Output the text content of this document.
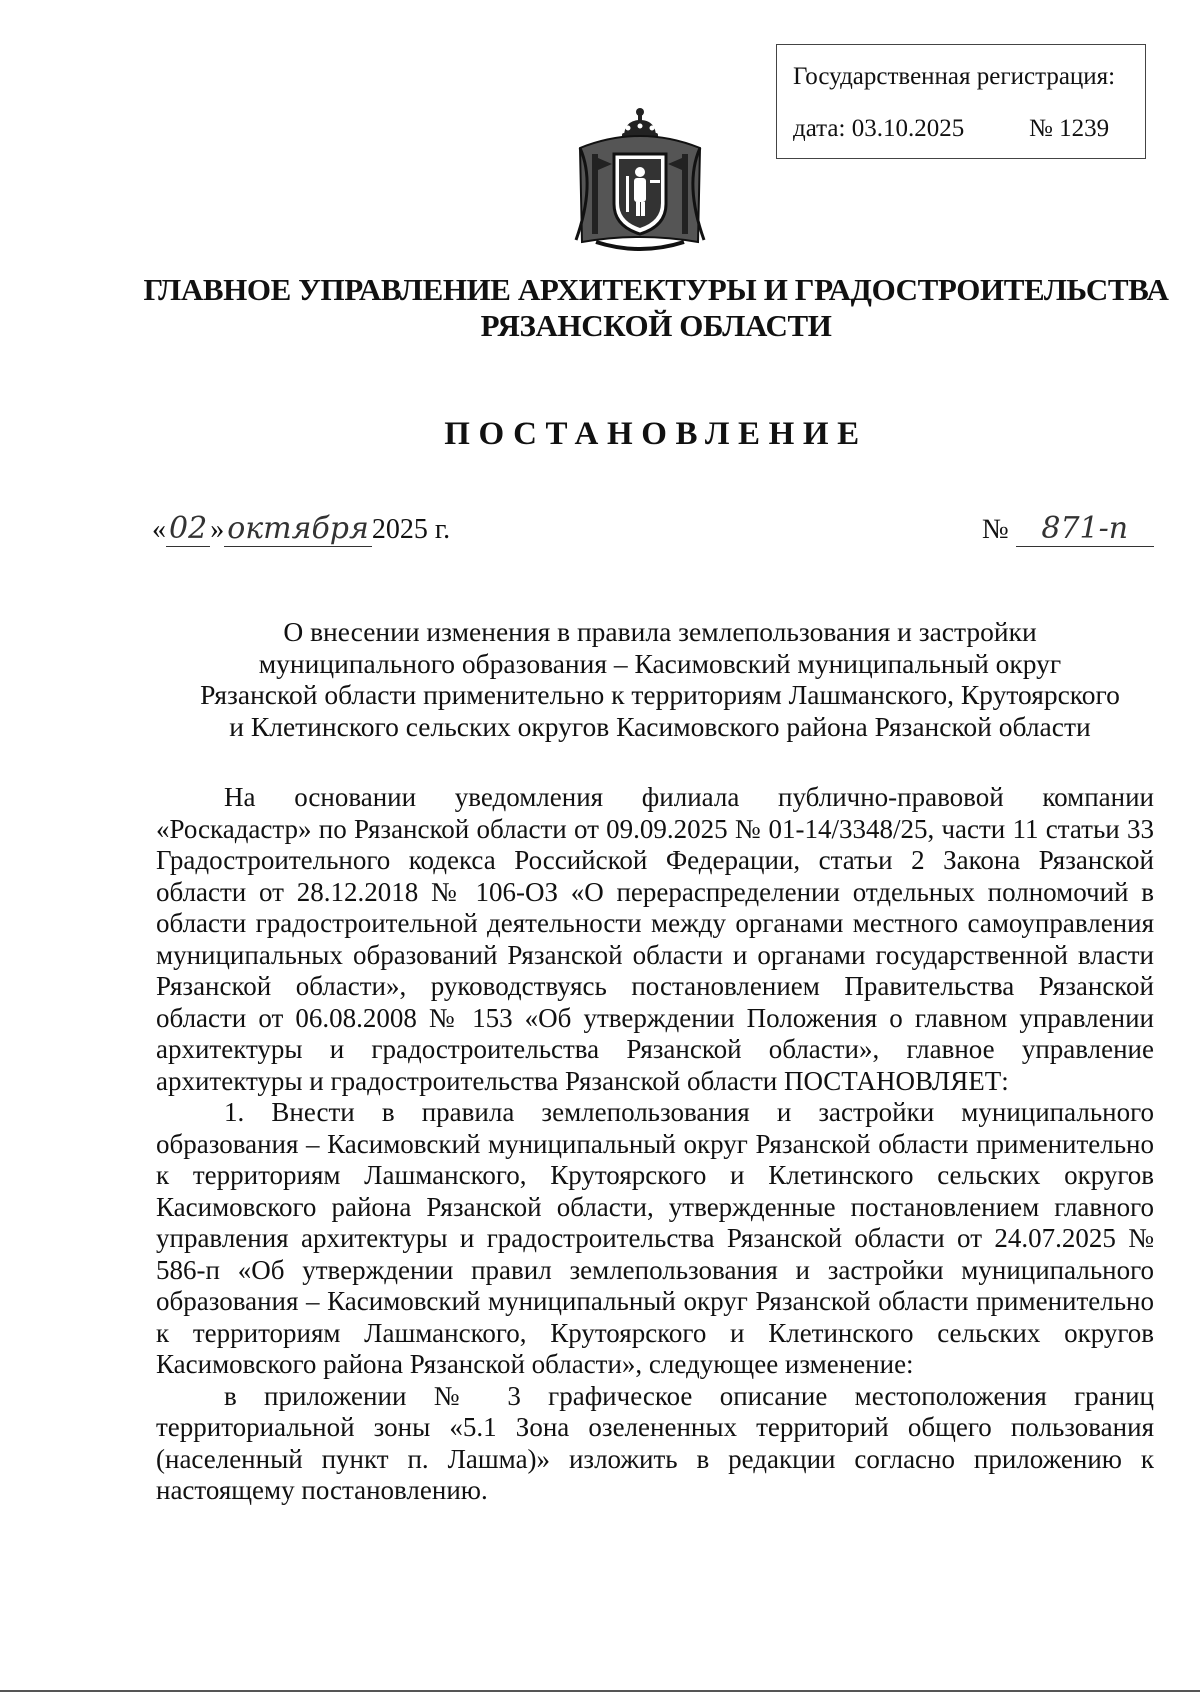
Государственная регистрация:
дата: 03.10.2025	№ 1239
ГЛАВНОЕ УПРАВЛЕНИЕ АРХИТЕКТУРЫ И ГРАДОСТРОИТЕЛЬСТВА
РЯЗАНСКОЙ ОБЛАСТИ
ПОСТАНОВЛЕНИЕ
« 02 » октября 2025 г.	№ 871-п
О внесении изменения в правила землепользования и застройки
муниципального образования – Касимовский муниципальный округ
Рязанской области применительно к территориям Лашманского, Крутоярского
и Клетинского сельских округов Касимовского района Рязанской области

На основании уведомления филиала публично-правовой компании «Роскадастр» по Рязанской области от 09.09.2025 № 01-14/3348/25, части 11 статьи 33 Градостроительного кодекса Российской Федерации, статьи 2 Закона Рязанской области от 28.12.2018 № 106-ОЗ «О перераспределении отдельных полномочий в области градостроительной деятельности между органами местного самоуправления муниципальных образований Рязанской области и органами государственной власти Рязанской области», руководствуясь постановлением Правительства Рязанской области от 06.08.2008 № 153 «Об утверждении Положения о главном управлении архитектуры и градостроительства Рязанской области», главное управление архитектуры и градостроительства Рязанской области ПОСТАНОВЛЯЕТ:

1. Внести в правила землепользования и застройки муниципального образования – Касимовский муниципальный округ Рязанской области применительно к территориям Лашманского, Крутоярского и Клетинского сельских округов Касимовского района Рязанской области, утвержденные постановлением главного управления архитектуры и градостроительства Рязанской области от 24.07.2025 № 586-п «Об утверждении правил землепользования и застройки муниципального образования – Касимовский муниципальный округ Рязанской области применительно к территориям Лашманского, Крутоярского и Клетинского сельских округов Касимовского района Рязанской области», следующее изменение:

в приложении № 3 графическое описание местоположения границ территориальной зоны «5.1 Зона озелененных территорий общего пользования (населенный пункт п. Лашма)» изложить в редакции согласно приложению к настоящему постановлению.
